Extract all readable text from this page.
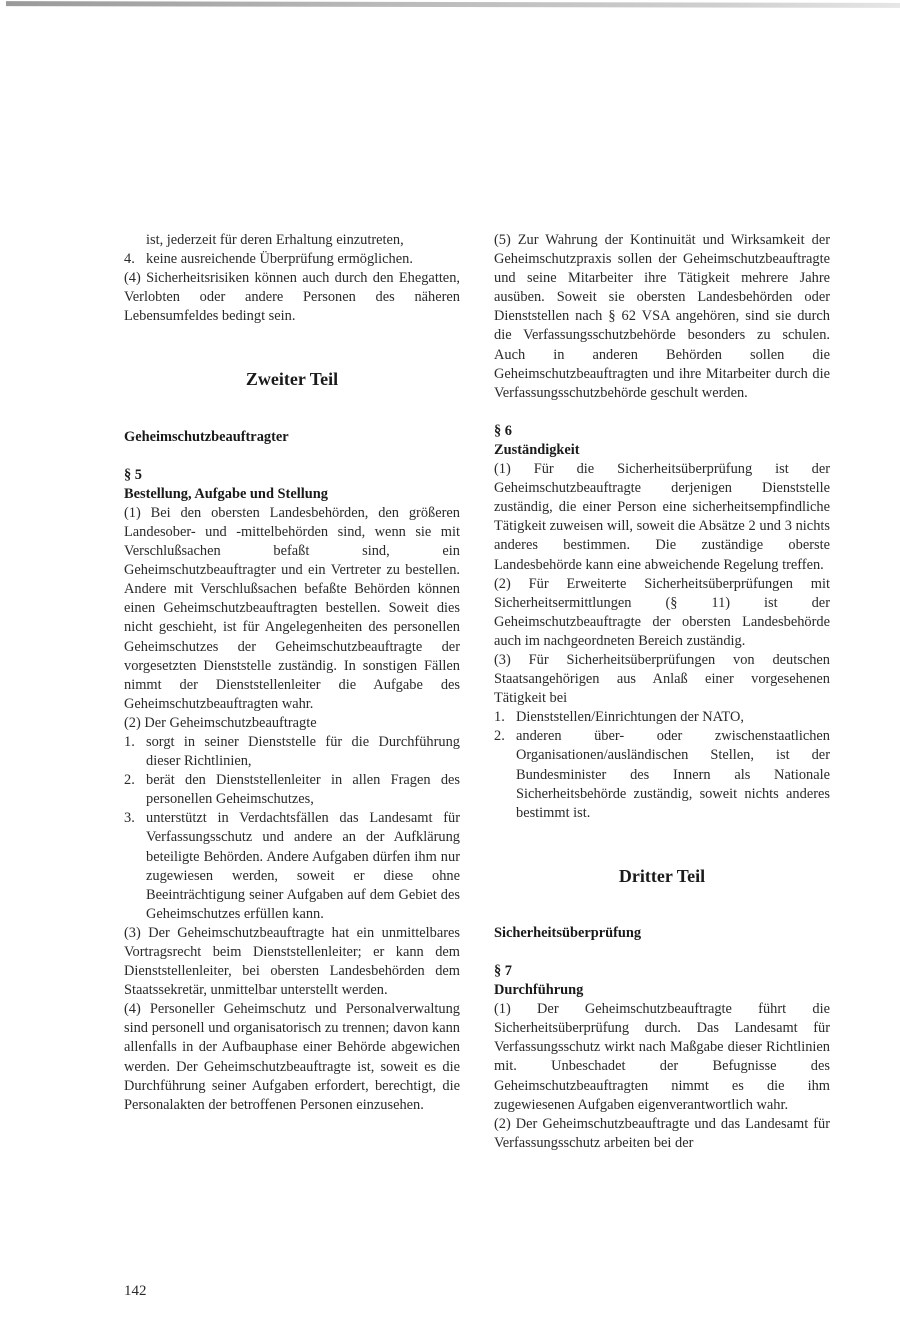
ist, jederzeit für deren Erhaltung einzutreten,
4. keine ausreichende Überprüfung ermöglichen.

(4) Sicherheitsrisiken können auch durch den Ehegatten, Verlobten oder andere Personen des näheren Lebensumfeldes bedingt sein.

Zweiter Teil

Geheimschutzbeauftragter

§ 5

Bestellung, Aufgabe und Stellung

(1) Bei den obersten Landesbehörden, den größeren Landesober- und -mittelbehörden sind, wenn sie mit Verschlußsachen befaßt sind, ein Geheimschutzbeauftragter und ein Vertreter zu bestellen. Andere mit Verschlußsachen befaßte Behörden können einen Geheimschutzbeauftragten bestellen. Soweit dies nicht geschieht, ist für Angelegenheiten des personellen Geheimschutzes der Geheimschutzbeauftragte der vorgesetzten Dienststelle zuständig. In sonstigen Fällen nimmt der Dienststellenleiter die Aufgabe des Geheimschutzbeauftragten wahr.

(2) Der Geheimschutzbeauftragte

1. sorgt in seiner Dienststelle für die Durchführung dieser Richtlinien,
2. berät den Dienststellenleiter in allen Fragen des personellen Geheimschutzes,
3. unterstützt in Verdachtsfällen das Landesamt für Verfassungsschutz und andere an der Aufklärung beteiligte Behörden. Andere Aufgaben dürfen ihm nur zugewiesen werden, soweit er diese ohne Beeinträchtigung seiner Aufgaben auf dem Gebiet des Geheimschutzes erfüllen kann.

(3) Der Geheimschutzbeauftragte hat ein unmittelbares Vortragsrecht beim Dienststellenleiter; er kann dem Dienststellenleiter, bei obersten Landesbehörden dem Staatssekretär, unmittelbar unterstellt werden.

(4) Personeller Geheimschutz und Personalverwaltung sind personell und organisatorisch zu trennen; davon kann allenfalls in der Aufbauphase einer Behörde abgewichen werden. Der Geheimschutzbeauftragte ist, soweit es die Durchführung seiner Aufgaben erfordert, berechtigt, die Personalakten der betroffenen Personen einzusehen.

(5) Zur Wahrung der Kontinuität und Wirksamkeit der Geheimschutzpraxis sollen der Geheimschutzbeauftragte und seine Mitarbeiter ihre Tätigkeit mehrere Jahre ausüben. Soweit sie obersten Landesbehörden oder Dienststellen nach § 62 VSA angehören, sind sie durch die Verfassungsschutzbehörde besonders zu schulen. Auch in anderen Behörden sollen die Geheimschutzbeauftragten und ihre Mitarbeiter durch die Verfassungsschutzbehörde geschult werden.

§ 6

Zuständigkeit

(1) Für die Sicherheitsüberprüfung ist der Geheimschutzbeauftragte derjenigen Dienststelle zuständig, die einer Person eine sicherheitsempfindliche Tätigkeit zuweisen will, soweit die Absätze 2 und 3 nichts anderes bestimmen. Die zuständige oberste Landesbehörde kann eine abweichende Regelung treffen.

(2) Für Erweiterte Sicherheitsüberprüfungen mit Sicherheitsermittlungen (§ 11) ist der Geheimschutzbeauftragte der obersten Landesbehörde auch im nachgeordneten Bereich zuständig.

(3) Für Sicherheitsüberprüfungen von deutschen Staatsangehörigen aus Anlaß einer vorgesehenen Tätigkeit bei

1. Dienststellen/Einrichtungen der NATO,
2. anderen über- oder zwischenstaatlichen Organisationen/ausländischen Stellen, ist der Bundesminister des Innern als Nationale Sicherheitsbehörde zuständig, soweit nichts anderes bestimmt ist.
Dritter Teil

Sicherheitsüberprüfung

§ 7

Durchführung

(1) Der Geheimschutzbeauftragte führt die Sicherheitsüberprüfung durch. Das Landesamt für Verfassungsschutz wirkt nach Maßgabe dieser Richtlinien mit. Unbeschadet der Befugnisse des Geheimschutzbeauftragten nimmt es die ihm zugewiesenen Aufgaben eigenverantwortlich wahr.

(2) Der Geheimschutzbeauftragte und das Landesamt für Verfassungsschutz arbeiten bei der

142
